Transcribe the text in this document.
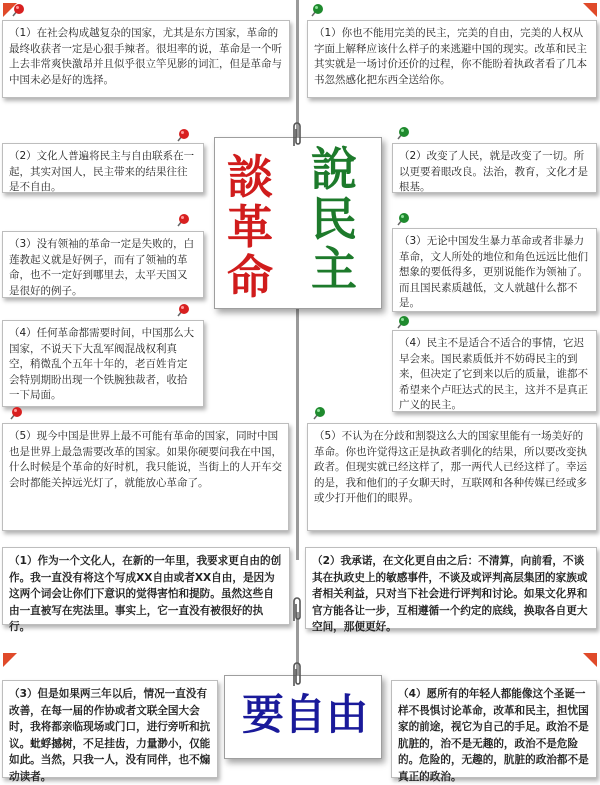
（1）在社会构成越复杂的国家，尤其是东方国家，革命的最终收获者一定是心狠手辣者。很坦率的说，革命是一个听上去非常爽快激昂并且似乎很立竿见影的词汇，但是革命与中国未必是好的选择。
（2）文化人普遍将民主与自由联系在一起，其实对国人，民主带来的结果往往是不自由。
（3）没有领袖的革命一定是失败的，白莲教起义就是好例子，而有了领袖的革命，也不一定好到哪里去，太平天国又是很好的例子。
（4）任何革命都需要时间，中国那么大国家，不说天下大乱军阀混战权利真空，稍微乱个五年十年的，老百姓肯定会特别期盼出现一个铁腕独裁者，收拾一下局面。
（5）现今中国是世界上最不可能有革命的国家，同时中国也是世界上最急需要改革的国家。如果你硬要问我在中国，什么时候是个革命的好时机，我只能说，当街上的人开车交会时都能关掉远光灯了，就能放心革命了。
（1）你也不能用完美的民主，完美的自由，完美的人权从字面上解释应该什么样子的来逃避中国的现实。改革和民主其实就是一场讨价还价的过程，你不能盼着执政者看了几本书忽然感化把东西全送给你。
（2）改变了人民，就是改变了一切。所以更要着眼改良。法治，教育，文化才是根基。
（3）无论中国发生暴力革命或者非暴力革命，文人所处的地位和角色远远比他们想象的要低得多，更别说能作为领袖了。而且国民素质越低，文人就越什么都不是。
（4）民主不是适合不适合的事情，它迟早会来。国民素质低并不妨碍民主的到来，但决定了它到来以后的质量，谁都不希望来个卢旺达式的民主，这并不是真正广义的民主。
（5）不认为在分歧和割裂这么大的国家里能有一场美好的革命。你也许觉得这正是执政者驯化的结果，所以要改变执政者。但现实就已经这样了，那一两代人已经这样了。幸运的是，我和他们的子女聊天时，互联网和各种传媒已经或多或少打开他们的眼界。
談革命
說民主
（1）作为一个文化人，在新的一年里，我要求更自由的创作。我一直没有将这个写成XX自由或者XX自由，是因为这两个词会让你们下意识的觉得害怕和提防。虽然这些自由一直被写在宪法里。事实上，它一直没有被很好的执行。
（2）我承诺，在文化更自由之后：不清算，向前看，不谈其在执政史上的敏感事件，不谈及或评判高层集团的家族或者相关利益，只对当下社会进行评判和讨论。如果文化界和官方能各让一步，互相遵循一个约定的底线，换取各自更大空间，那便更好。
（3）但是如果两三年以后，情况一直没有改善，在每一届的作协或者文联全国大会时，我将都亲临现场或门口，进行旁听和抗议。蚍蜉撼树，不足挂齿，力量渺小，仅能如此。当然，只我一人，没有同伴，也不煽动读者。
（4）愿所有的年轻人都能像这个圣诞一样不畏惧讨论革命，改革和民主，担忧国家的前途，视它为自己的手足。政治不是肮脏的，治不是无趣的，政治不是危险的。危险的，无趣的，肮脏的政治都不是真正的政治。
要自由
